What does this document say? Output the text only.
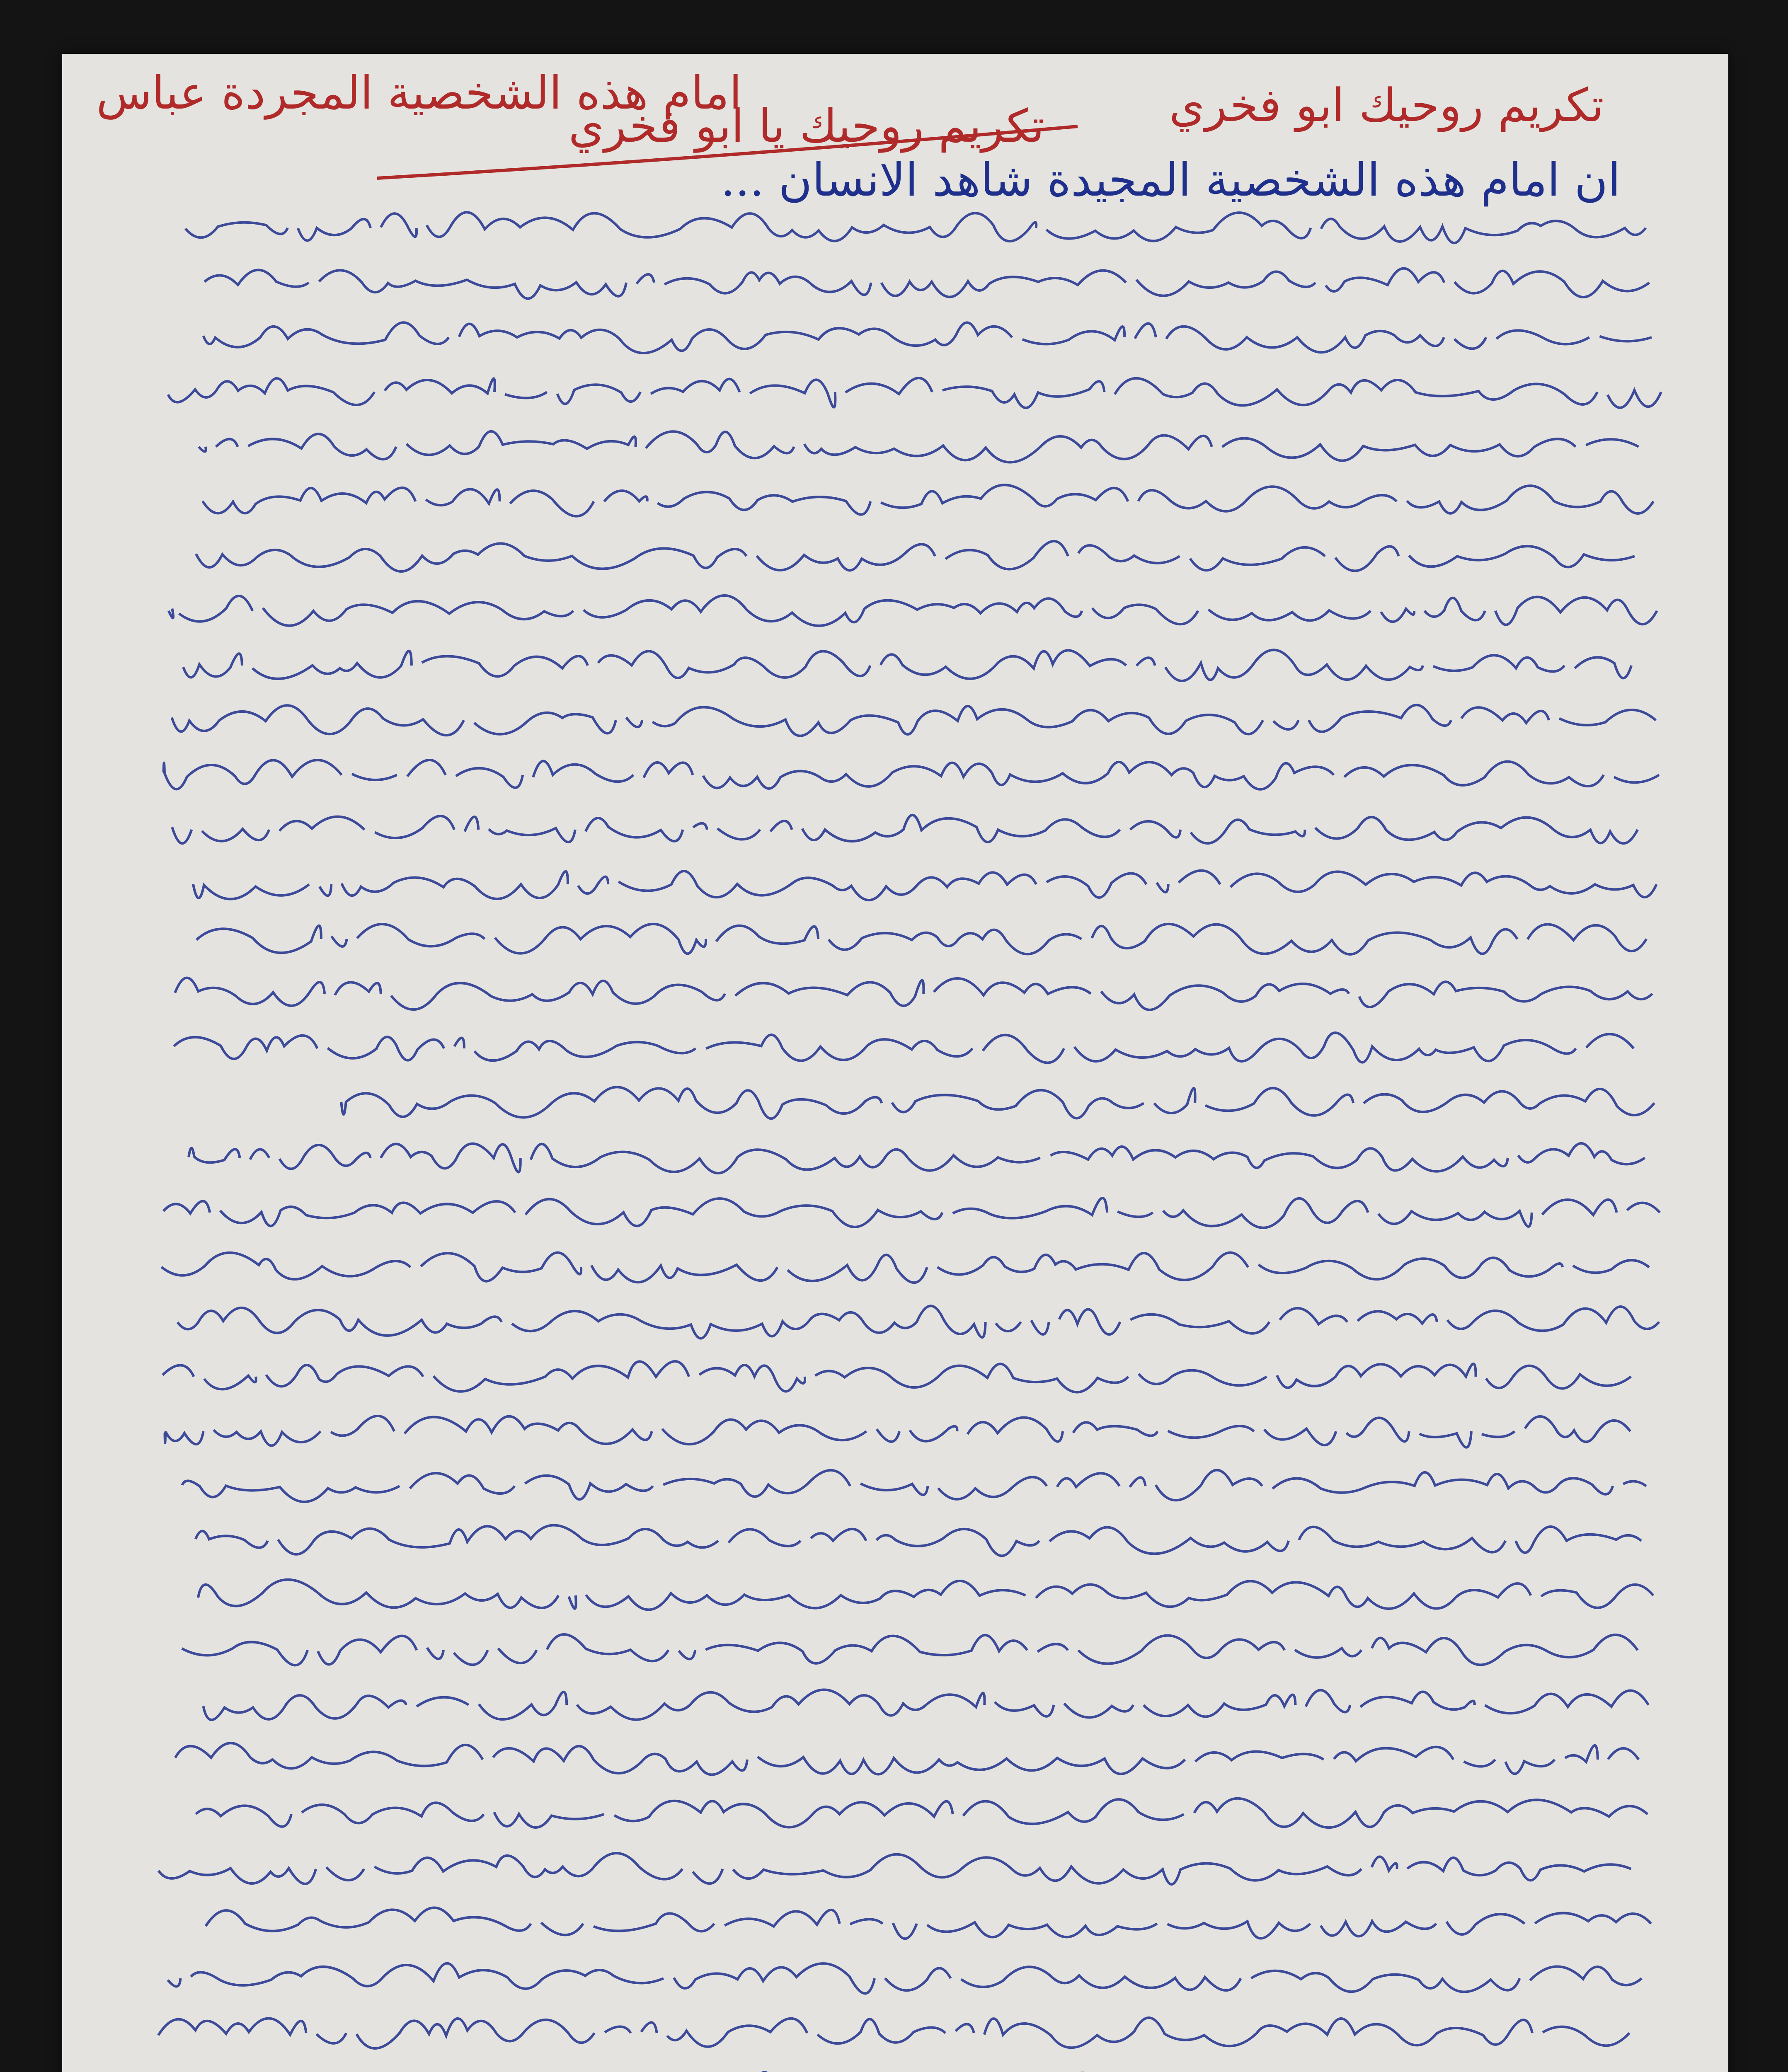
امام هذه الشخصية المجردة عباس
تكريم روحيك يا ابو فخري	تكريم روحيك ابو فخري
ان امام هذه الشخصية المجيدة شاهد الانسان ...
